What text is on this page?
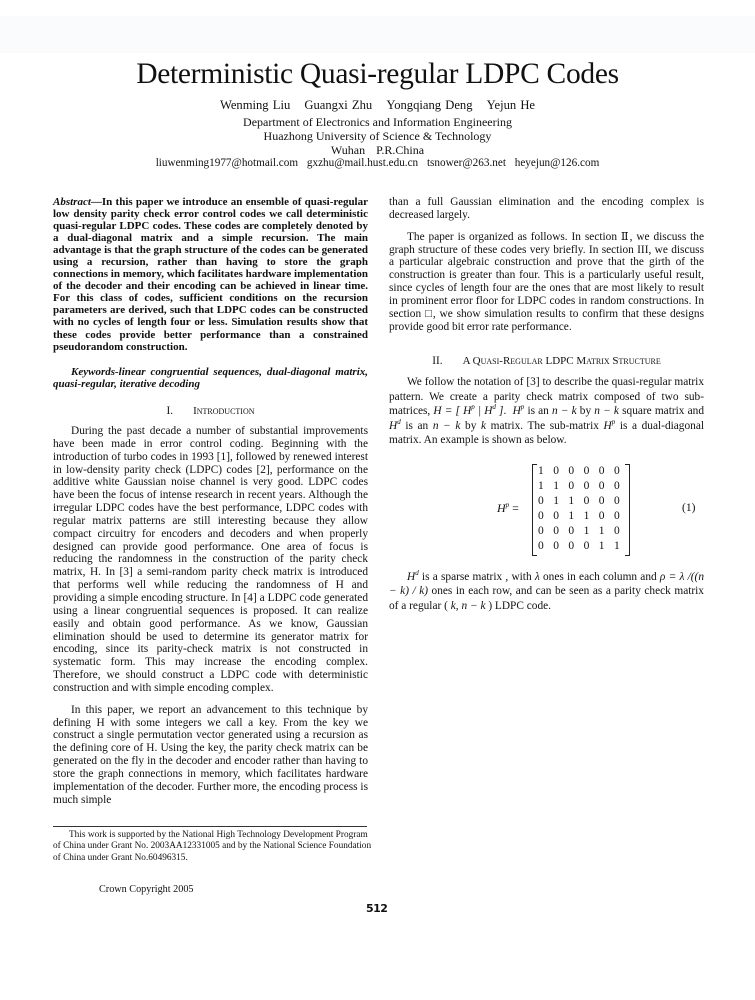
Deterministic Quasi-regular LDPC Codes
Wenming Liu Guangxi Zhu Yongqiang Deng Yejun He
Department of Electronics and Information Engineering
Huazhong University of Science & Technology
Wuhan P.R.China
liuwenming1977@hotmail.com gxzhu@mail.hust.edu.cn tsnower@263.net heyejun@126.com

Abstract—In this paper we introduce an ensemble of quasi-regular low density parity check error control codes we call deterministic quasi-regular LDPC codes. These codes are completely denoted by a dual-diagonal matrix and a simple recursion. The main advantage is that the graph structure of the codes can be generated using a recursion, rather than having to store the graph connections in memory, which facilitates hardware implementation of the decoder and their encoding can be achieved in linear time. For this class of codes, sufficient conditions on the recursion parameters are derived, such that LDPC codes can be constructed with no cycles of length four or less. Simulation results show that these codes provide better performance than a constrained pseudorandom construction.

Keywords-linear congruential sequences, dual-diagonal matrix, quasi-regular, iterative decoding

I. Introduction

During the past decade a number of substantial improvements have been made in error control coding. Beginning with the introduction of turbo codes in 1993 [1], followed by renewed interest in low-density parity check (LDPC) codes [2], performance on the additive white Gaussian noise channel is very good. LDPC codes have been the focus of intense research in recent years. Although the irregular LDPC codes have the best performance, LDPC codes with regular matrix patterns are still interesting because they allow compact circuitry for encoders and decoders and when properly designed can provide good performance. One area of focus is reducing the randomness in the construction of the parity check matrix, H. In [3] a semi-random parity check matrix is introduced that performs well while reducing the randomness of H and providing a simple encoding structure. In [4] a LDPC code generated using a linear congruential sequences is proposed. It can realize easily and obtain good performance. As we know, Gaussian elimination should be used to determine its generator matrix for encoding, since its parity-check matrix is not constructed in systematic form. This may increase the encoding complex. Therefore, we should construct a LDPC code with deterministic construction and with simple encoding complex.

In this paper, we report an advancement to this technique by defining H with some integers we call a key. From the key we construct a single permutation vector generated using a recursion as the defining core of H. Using the key, the parity check matrix can be generated on the fly in the decoder and encoder rather than having to store the graph connections in memory, which facilitates hardware implementation of the decoder. Further more, the encoding process is much simple

This work is supported by the National High Technology Development Program of China under Grant No. 2003AA12331005 and by the National Science Foundation of China under Grant No.60496315.
Crown Copyright 2005
512

than a full Gaussian elimination and the encoding complex is decreased largely.

The paper is organized as follows. In section Ⅱ, we discuss the graph structure of these codes very briefly. In section III, we discuss a particular algebraic construction and prove that the girth of the construction is greater than four. This is a particularly useful result, since cycles of length four are the ones that are most likely to result in prominent error floor for LDPC codes in random constructions. In section □, we show simulation results to confirm that these designs provide good bit error rate performance.

II. A Quasi-Regular LDPC Matrix Structure

We follow the notation of [3] to describe the quasi-regular matrix pattern. We create a parity check matrix composed of two sub-matrices, H = [ $H^p$ | $H^d$ ].  $H^p$ is an n − k by n − k square matrix and $H^d$ is an n − k by k matrix. The sub-matrix $H^p$ is a dual-diagonal matrix. An example is shown as below.

$H^p$ =
1 0 0 0 0 0
1 1 0 0 0 0
0 1 1 0 0 0
0 0 1 1 0 0
0 0 0 1 1 0
0 0 0 0 1 1
(1)

$H^d$ is a sparse matrix , with λ ones in each column and ρ = λ /((n − k) / k) ones in each row, and can be seen as a parity check matrix of a regular ( k, n − k ) LDPC code.
